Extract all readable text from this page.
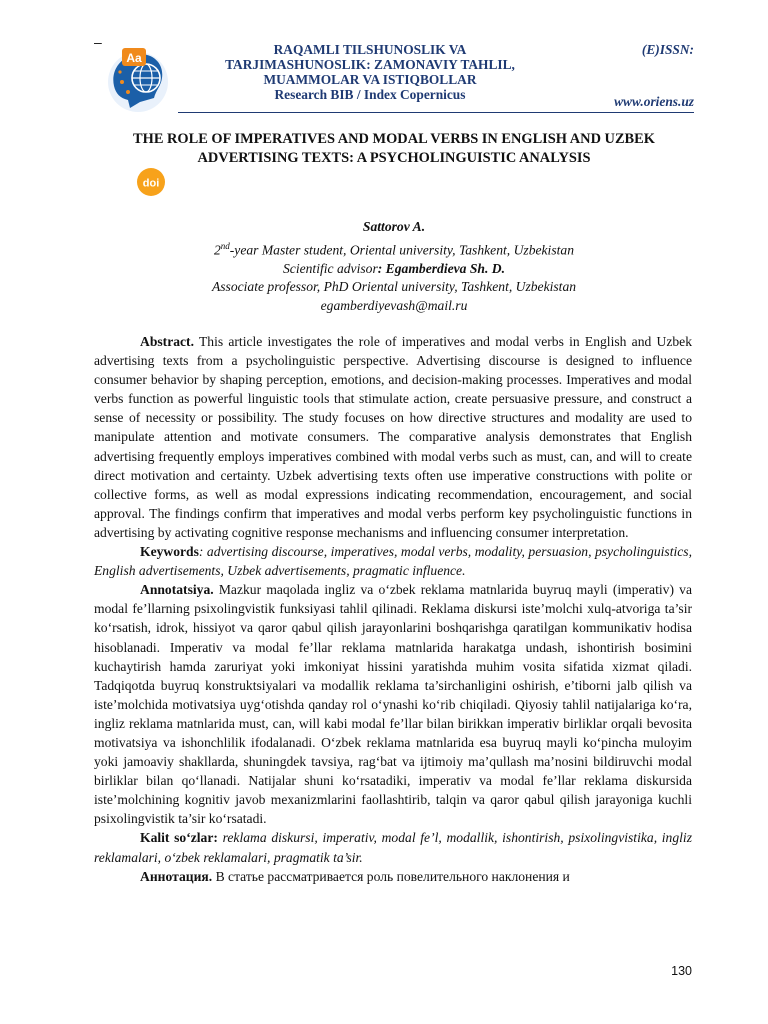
–
Aa
RAQAMLI TILSHUNOSLIK VA
TARJIMASHUNOSLIK: ZAMONAVIY TAHLIL,
MUAMMOLAR VA ISTIQBOLLAR
Research BIB / Index Copernicus
(E)ISSN:
www.oriens.uz
THE ROLE OF IMPERATIVES AND MODAL VERBS IN ENGLISH AND UZBEK
ADVERTISING TEXTS: A PSYCHOLINGUISTIC ANALYSIS
doi
Sattorov A.
2nd-year Master student, Oriental university, Tashkent, Uzbekistan
Scientific advisor: Egamberdieva Sh. D.
Associate professor, PhD Oriental university, Tashkent, Uzbekistan
egamberdiyevash@mail.ru

Abstract. This article investigates the role of imperatives and modal verbs in English and Uzbek advertising texts from a psycholinguistic perspective. Advertising discourse is designed to influence consumer behavior by shaping perception, emotions, and decision-making processes. Imperatives and modal verbs function as powerful linguistic tools that stimulate action, create persuasive pressure, and construct a sense of necessity or possibility. The study focuses on how directive structures and modality are used to manipulate attention and motivate consumers. The comparative analysis demonstrates that English advertising frequently employs imperatives combined with modal verbs such as must, can, and will to create direct motivation and certainty. Uzbek advertising texts often use imperative constructions with polite or collective forms, as well as modal expressions indicating recommendation, encouragement, and social approval. The findings confirm that imperatives and modal verbs perform key psycholinguistic functions in advertising by activating cognitive response mechanisms and influencing consumer interpretation.

Keywords: advertising discourse, imperatives, modal verbs, modality, persuasion, psycholinguistics, English advertisements, Uzbek advertisements, pragmatic influence.

Annotatsiya. Mazkur maqolada ingliz va o‘zbek reklama matnlarida buyruq mayli (imperativ) va modal fe’llarning psixolingvistik funksiyasi tahlil qilinadi. Reklama diskursi iste’molchi xulq-atvoriga ta’sir ko‘rsatish, idrok, hissiyot va qaror qabul qilish jarayonlarini boshqarishga qaratilgan kommunikativ hodisa hisoblanadi. Imperativ va modal fe’llar reklama matnlarida harakatga undash, ishontirish bosimini kuchaytirish hamda zaruriyat yoki imkoniyat hissini yaratishda muhim vosita sifatida xizmat qiladi. Tadqiqotda buyruq konstruktsiyalari va modallik reklama ta’sirchanligini oshirish, e’tiborni jalb qilish va iste’molchida motivatsiya uyg‘otishda qanday rol o‘ynashi ko‘rib chiqiladi. Qiyosiy tahlil natijalariga ko‘ra, ingliz reklama matnlarida must, can, will kabi modal fe’llar bilan birikkan imperativ birliklar orqali bevosita motivatsiya va ishonchlilik ifodalanadi. O‘zbek reklama matnlarida esa buyruq mayli ko‘pincha muloyim yoki jamoaviy shakllarda, shuningdek tavsiya, rag‘bat va ijtimoiy ma’qullash ma’nosini bildiruvchi modal birliklar bilan qo‘llanadi. Natijalar shuni ko‘rsatadiki, imperativ va modal fe’llar reklama diskursida iste’molchining kognitiv javob mexanizmlarini faollashtirib, talqin va qaror qabul qilish jarayoniga kuchli psixolingvistik ta’sir ko‘rsatadi.

Kalit so‘zlar: reklama diskursi, imperativ, modal fe’l, modallik, ishontirish, psixolingvistika, ingliz reklamalari, o‘zbek reklamalari, pragmatik ta’sir.

Аннотация. В статье рассматривается роль повелительного наклонения и

130
